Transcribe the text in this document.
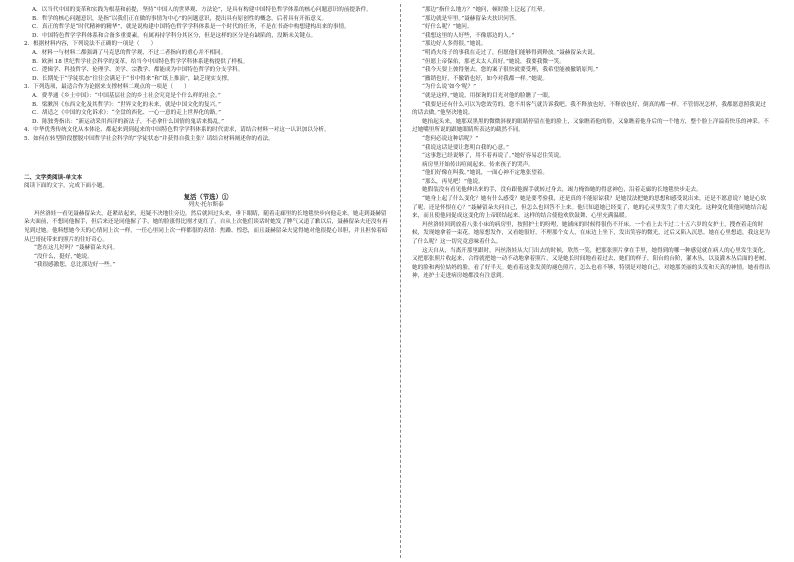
A．以当代中国的变革和实践为根基和前提，坚持“中国人的世界观、方法论”，是具有构建中国特色哲学体系的核心问题意识的前提条件。

B．哲学的核心问题意识，是指“以我们正在做的事情为中心”的问题意识，提出具有原创性的概念，后者具有开拓意义。

C．真正的哲学是“时代精神的精华”，就是说构建中国特色哲学学科体系是一个时代的任务，不是在书斋中构想建构出来的事情。

D．中国特色哲学学科体系和合备多重要素，有属再持学科分其区分，但是这样的区分是有缺陷的，没断未关键点。

2．根据材料内容，下列说法不正确的一项是（　　）

A．材料一与材料二都强调了马克思的哲学观，不过二者指向的重心并不相同。

B．欧洲 18 世纪哲学社会科学的变革，给当今中国特色哲学学科体系建构提供了样板。

C．逻辑学、科技哲学、伦理学、美学、宗教学、都能成为中国特色哲学的分支学科。

D．长期处于“学徒状态”往往会满足于“书中得来”和“纸上推演”，缺乏现实支撑。

3．下列选项，最适合作为论据来支撑材料二观点的一项是（　　）

A．费孝通《乡土中国》：“中国基层社会的乡土社会究竟是个什么样的社会。”

B．梁漱溟《东西文化及其哲学》：“世界文化的未来，就是中国文化的复兴。”

C．胡适之《中国的文化诉求》：“全盘的西化、一心一意的走上世界化的路。”

D．陈独秀指出：“新运动采用西洋的新法子，不必拿什么国情的鬼话来捣乱。”

4．中华优秀传统文化从本体论、都起来到到起来的中国特色哲学学科体系的时代需求，请结合材料一对这一认识加以分析。

5．如何在转型阶段摆脱中国哲学社会科学的“学徒状态”并获得自我主张？请结合材料阐述你的看法。

二、文学类阅读-单文本

阅读下面的文字，完成下面小题。

复活（节选）①

列夫·托尔斯泰

玛丝洛娃一看见聂赫留朵夫，赶紧站起来，迟疑不决地往旁边，然后就回过头来，垂下眼睛，随着走廊里的长地毯快步向他走来。她走到聂赫留朵夫面前，不想同他握手，但后来还是同他握了手，她的脸涨得比刚才更红了。自从上次他们谈话时她发了脾气又道了歉以后，聂赫留朵夫还没有再见到过她。他料想她今天的心情同上次一样，一任心里同上次一样都很的表情：焦躁、惶恐，而且聂赫留朵夫觉得她对他很提心吊胆，并且担惊着暗从巴哥抚带来的照片的往好奇心。

“您在这儿好吗？”聂赫留朵夫问。

“没什么，挺好，”她说。

“我很感激您，总比那边好一些。”

“那边”指什么地方？”她问，顿时脸上泛起了红晕。

“那边就是牢里。”聂赫留朵夫扶识问答。

“好什么呢？”她问。

“我想这里的人好些，不像那边的人。”

“那边好人多得很，”她说。

“明尚夫母子的事我在走过了，但愿他们能够得到释放。”聂赫留朵夫说。

“但愿上帝保佑，那老太太人真好。”她说，我要我微一笑。

“我今天要上彼得堡去。您的案子很快就要受理，我希望能被撤销原判。”

“撤销也好，不撤销也好，如今对我都一样。”她说。

“为什么说‘如今’呢？”

“就是这样，”她说，用探询的目光对他的脸瞧了一眼。

“我要是还有什么可以为您效劳的，您不用客气就告诉我吧。我不释放也好，不释放也好，倒真的都一样。不管情况怎样，我都愿意照我说过的话去做。”他坚决地说。

她抬起头来，她那双黑黑的微微斜视的眼睛停留在他的脸上，又象瞧着他的脸，又象瞧着他身后的一个地方，整个脸上洋溢着快乐的神采。不过她嘴里所说的跟她眼睛所表达的截然不同。

“您何必说这种话呢？”

“我说这话是要让您明白我的心意。”

“这事您已经说够了，用不着再说了。”她好容易忍住笑说。

病房里开始传出喧闹起来。传来孩子的哭声。

“他们好像在叫我。”她说，一面心神不定地张望着。

“那么，再见吧！”他说。

她假装没有看见他伸出来的手，没有跟他握手就转过身去，竭力掩饰她的得意神色，沿着走廊的长地毯快步走去。

“她身上起了什么变化？她有什么感受？她是要考验我，还是真的不能原谅我？是她没法把她的思想和感受说出来，还是不愿意说？她是心软了呢，还是怀恨在心？”聂赫留朵夫问自己，但怎么也回答不上来。他只知道她已经变了，她的心灵里发生了重大变化。这种变化使他同她结合起来，而且使他同促成这变化的上帝联结起来。这样的结合使他欢欣鼓舞，心里充满温暖。

玛丝洛娃回到放着八张小床的病房里，按照护士的吩咐，她铺床的时候得很伤不开床。一个看上去不过二十五六岁的女护士，搜查着走的时候，发现她拿着一束花。她原想发作，又看她很好，不理那个女人，在床边上坐下，发出笑容的微光，过后又陷入沉思。她在心里想道，我这是为了什么呢？这一切究竟意味着什么。

这天自从，当离开那里跟时，玛丝洛娃从大门出去的时候，欣然一笑，把那张照片拿在手里，她得到的哪一种感觉就在病人的心里发生变化，又把那张照片收起来，合得就把她一动不动地拿着照片，又是她长时间地看着过去，她们的样子，阳台的台阶，灌木丛，以及灌木丛后面的老树，她的脸和两位姑妈的脸，看了好半天。她看着这张发黄的褪色照片，怎么也看不够，特别是对她自己，对她那美丽的头发和天真的神情。她看得出神，连护士走进病房她都没有注意到。
